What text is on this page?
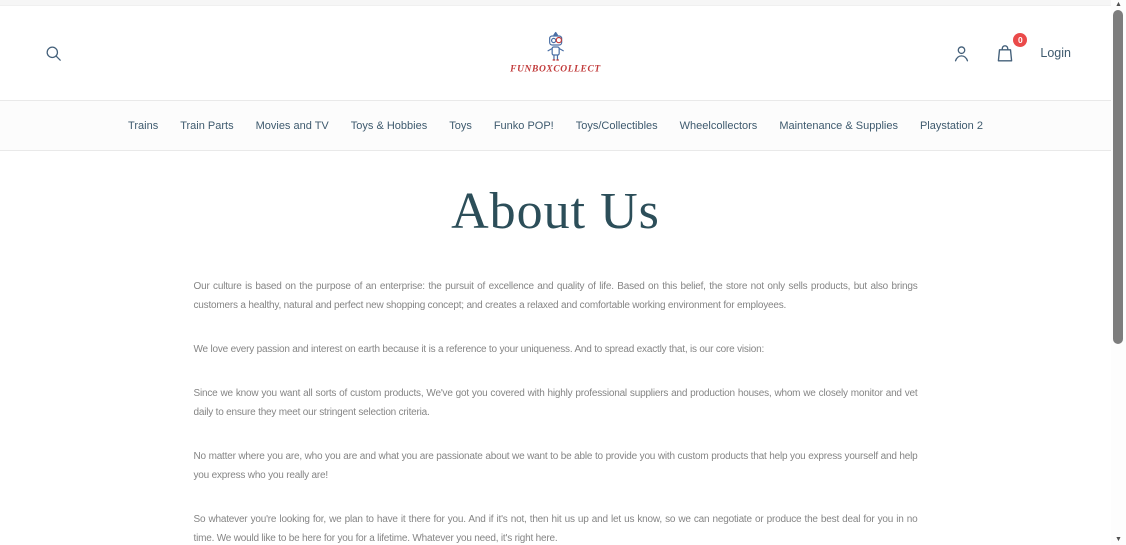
FUNBOXCOLLECT
0
Login
Trains Train Parts Movies and TV Toys & Hobbies Toys Funko POP! Toys/Collectibles Wheelcollectors Maintenance & Supplies Playstation 2
About Us

Our culture is based on the purpose of an enterprise: the pursuit of excellence and quality of life. Based on this belief, the store not only sells products, but also brings customers a healthy, natural and perfect new shopping concept; and creates a relaxed and comfortable working environment for employees.

We love every passion and interest on earth because it is a reference to your uniqueness. And to spread exactly that, is our core vision:

Since we know you want all sorts of custom products, We've got you covered with highly professional suppliers and production houses, whom we closely monitor and vet daily to ensure they meet our stringent selection criteria.

No matter where you are, who you are and what you are passionate about we want to be able to provide you with custom products that help you express yourself and help you express who you really are!

So whatever you're looking for, we plan to have it there for you. And if it's not, then hit us up and let us know, so we can negotiate or produce the best deal for you in no time. We would like to be here for you for a lifetime. Whatever you need, it's right here.

▲
▼
